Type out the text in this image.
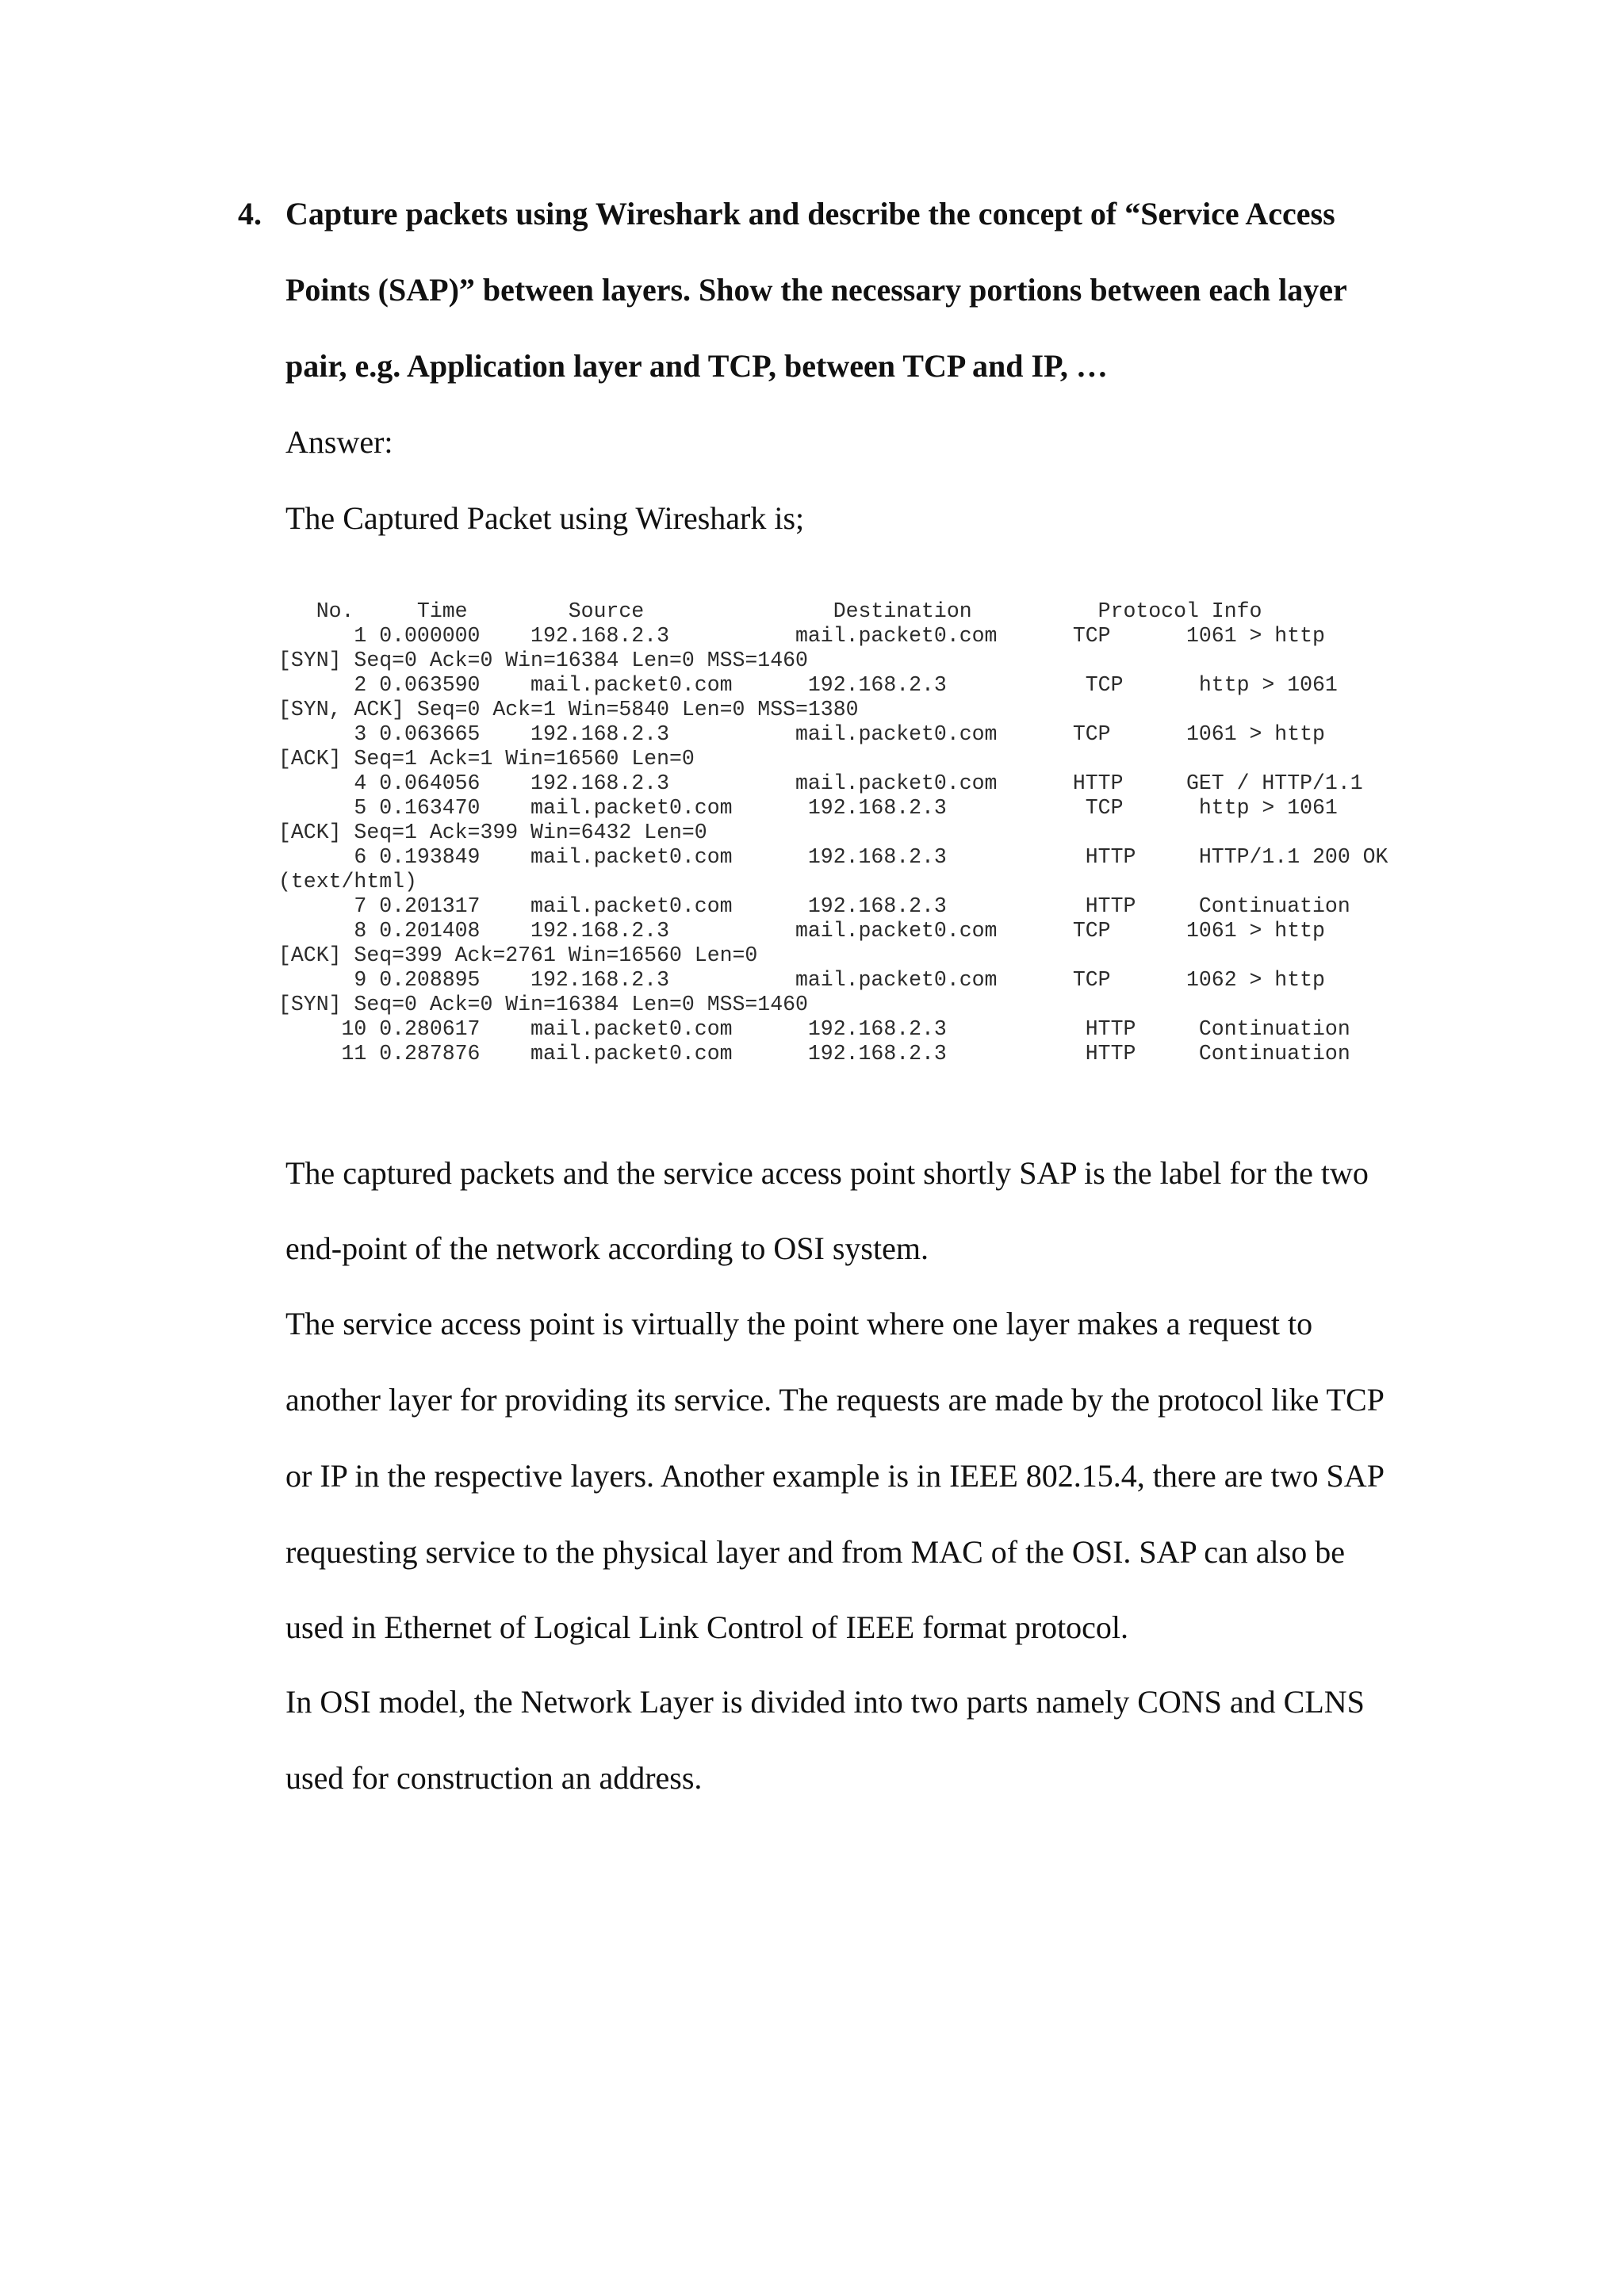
4. Capture packets using Wireshark and describe the concept of “Service Access
Points (SAP)” between layers. Show the necessary portions between each layer
pair, e.g. Application layer and TCP, between TCP and IP, …
Answer:
The Captured Packet using Wireshark is;
No.     Time        Source               Destination          Protocol Info
1 0.000000    192.168.2.3          mail.packet0.com      TCP      1061 > http
[SYN] Seq=0 Ack=0 Win=16384 Len=0 MSS=1460
2 0.063590    mail.packet0.com      192.168.2.3           TCP      http > 1061
[SYN, ACK] Seq=0 Ack=1 Win=5840 Len=0 MSS=1380
3 0.063665    192.168.2.3          mail.packet0.com      TCP      1061 > http
[ACK] Seq=1 Ack=1 Win=16560 Len=0
4 0.064056    192.168.2.3          mail.packet0.com      HTTP     GET / HTTP/1.1
5 0.163470    mail.packet0.com      192.168.2.3           TCP      http > 1061
[ACK] Seq=1 Ack=399 Win=6432 Len=0
6 0.193849    mail.packet0.com      192.168.2.3           HTTP     HTTP/1.1 200 OK
(text/html)
7 0.201317    mail.packet0.com      192.168.2.3           HTTP     Continuation
8 0.201408    192.168.2.3          mail.packet0.com      TCP      1061 > http
[ACK] Seq=399 Ack=2761 Win=16560 Len=0
9 0.208895    192.168.2.3          mail.packet0.com      TCP      1062 > http
[SYN] Seq=0 Ack=0 Win=16384 Len=0 MSS=1460
10 0.280617    mail.packet0.com      192.168.2.3           HTTP     Continuation
11 0.287876    mail.packet0.com      192.168.2.3           HTTP     Continuation
The captured packets and the service access point shortly SAP is the label for the two
end-point of the network according to OSI system.
The service access point is virtually the point where one layer makes a request to
another layer for providing its service. The requests are made by the protocol like TCP
or IP in the respective layers. Another example is in IEEE 802.15.4, there are two SAP
requesting service to the physical layer and from MAC of the OSI. SAP can also be
used in Ethernet of Logical Link Control of IEEE format protocol.
In OSI model, the Network Layer is divided into two parts namely CONS and CLNS
used for construction an address.
